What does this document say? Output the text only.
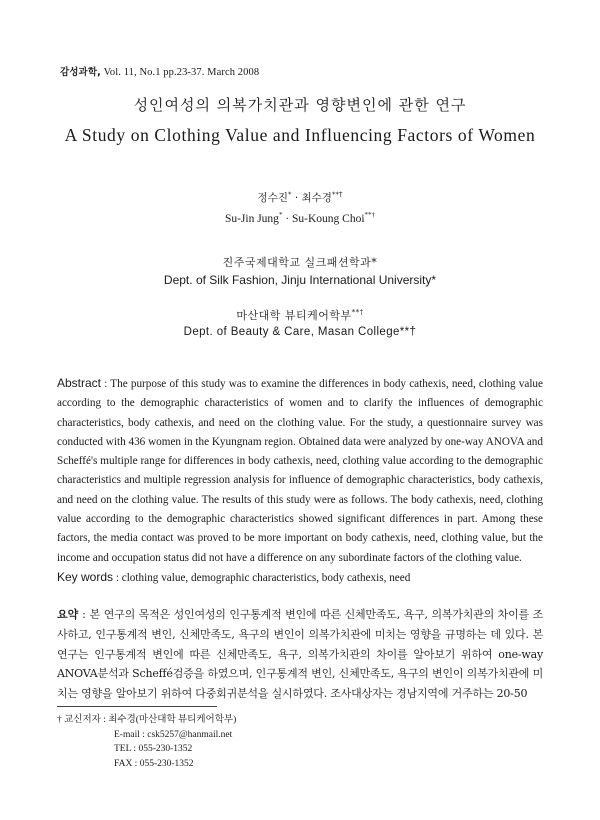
감성과학, Vol. 11, No.1 pp.23-37. March 2008
성인여성의 의복가치관과 영향변인에 관한 연구
A Study on Clothing Value and Influencing Factors of Women
정수진* · 최수경**†
Su-Jin Jung* · Su-Koung Choi**†
진주국제대학교 실크패션학과*
Dept. of Silk Fashion, Jinju International University*
마산대학 뷰티케어학부**†
Dept. of Beauty & Care, Masan College**†
Abstract : The purpose of this study was to examine the differences in body cathexis, need, clothing value according to the demographic characteristics of women and to clarify the influences of demographic characteristics, body cathexis, and need on the clothing value. For the study, a questionnaire survey was conducted with 436 women in the Kyungnam region. Obtained data were analyzed by one-way ANOVA and Scheffé's multiple range for differences in body cathexis, need, clothing value according to the demographic characteristics and multiple regression analysis for influence of demographic characteristics, body cathexis, and need on the clothing value. The results of this study were as follows. The body cathexis, need, clothing value according to the demographic characteristics showed significant differences in part. Among these factors, the media contact was proved to be more important on body cathexis, need, clothing value, but the income and occupation status did not have a difference on any subordinate factors of the clothing value.
Key words : clothing value, demographic characteristics, body cathexis, need
요약 : 본 연구의 목적은 성인여성의 인구통계적 변인에 따른 신체만족도, 욕구, 의복가치관의 차이를 조사하고, 인구통계적 변인, 신체만족도, 욕구의 변인이 의복가치관에 미치는 영향을 규명하는 데 있다. 본 연구는 인구통계적 변인에 따른 신체만족도, 욕구, 의복가치관의 차이를 알아보기 위하여 one-way ANOVA분석과 Scheffé검증을 하였으며, 인구통계적 변인, 신체만족도, 욕구의 변인이 의복가치관에 미치는 영향을 알아보기 위하여 다중회귀분석을 실시하였다. 조사대상자는 경남지역에 거주하는 20-50
† 교신저자 : 최수경(마산대학 뷰티케어학부)
E-mail : csk5257@hanmail.net
TEL : 055-230-1352
FAX : 055-230-1352
